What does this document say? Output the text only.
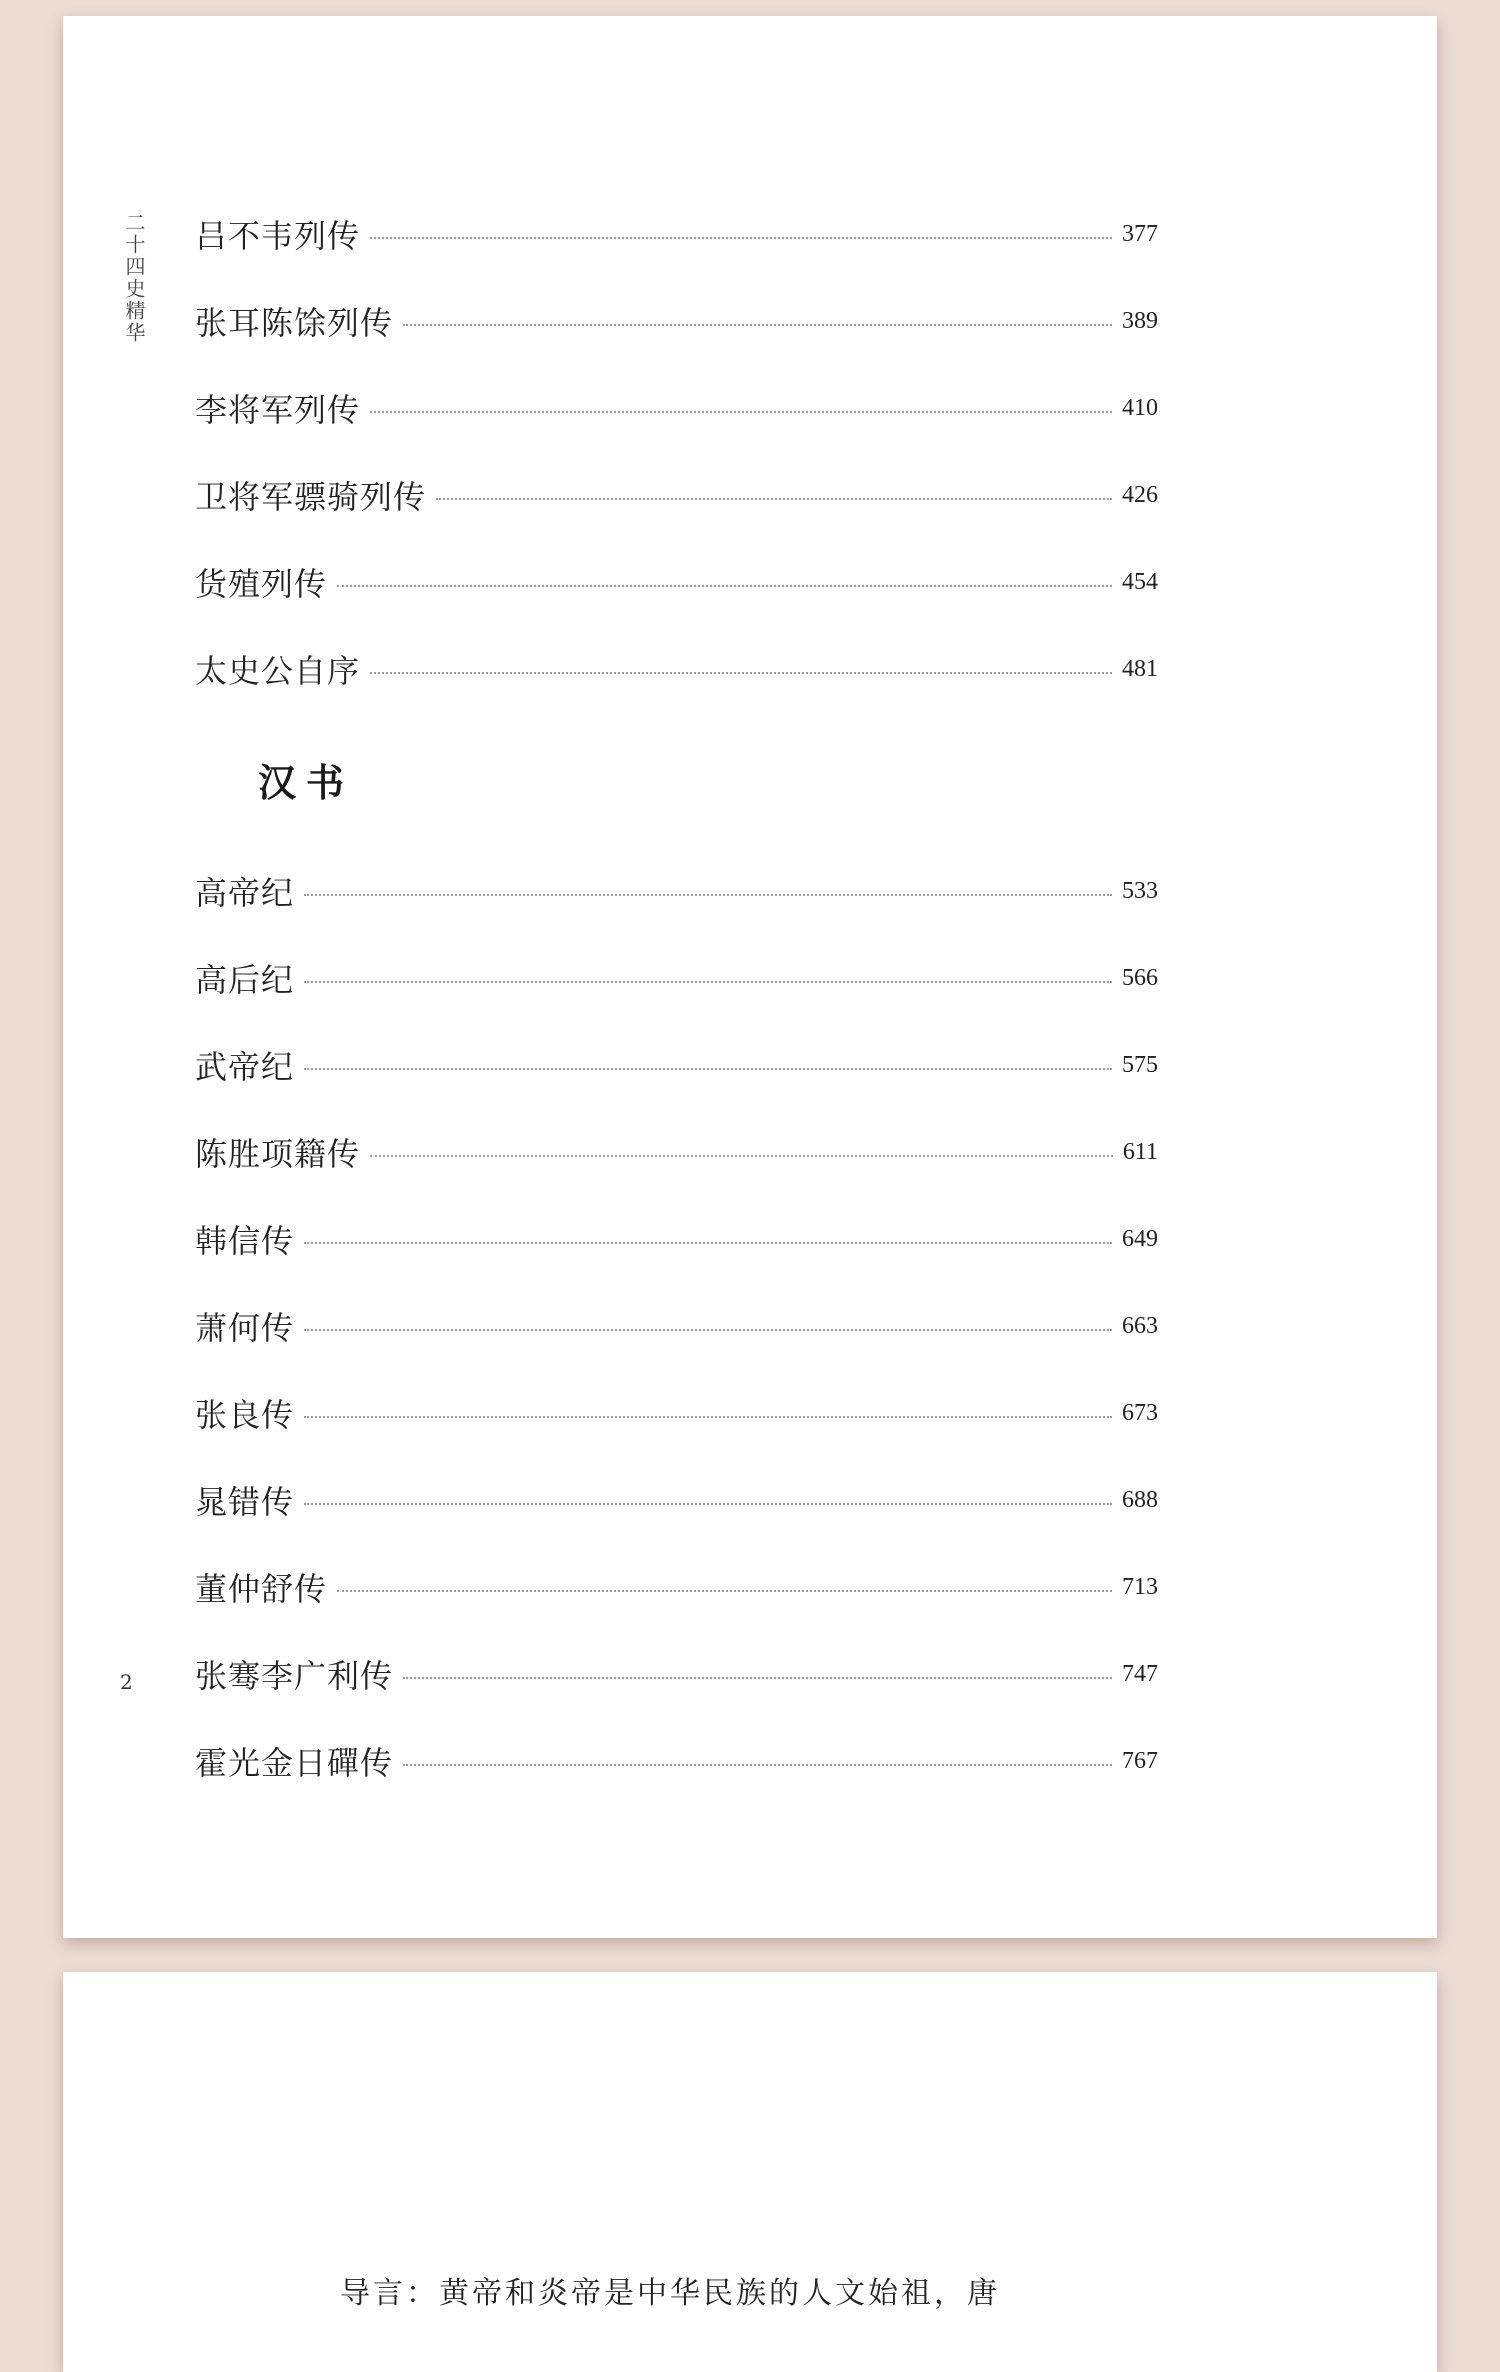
二十四史精华
2
吕不韦列传	377
张耳陈馀列传	389
李将军列传	410
卫将军骠骑列传	426
货殖列传	454
太史公自序	481
汉书
高帝纪	533
高后纪	566
武帝纪	575
陈胜项籍传	611
韩信传	649
萧何传	663
张良传	673
晁错传	688
董仲舒传	713
张骞李广利传	747
霍光金日磾传	767
导言：黄帝和炎帝是中华民族的人文始祖，唐
